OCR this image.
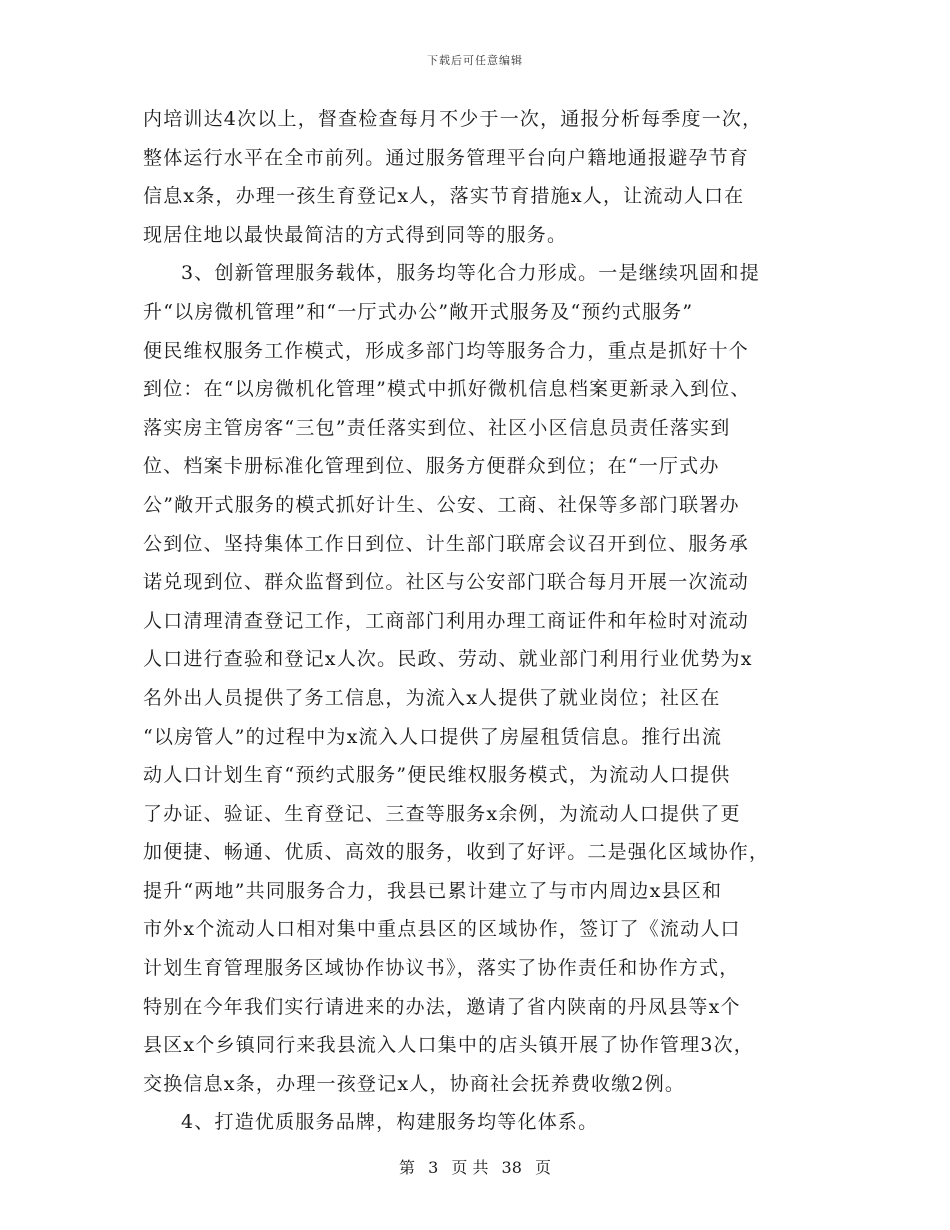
下载后可任意编辑
内培训达4次以上，督查检查每月不少于一次，通报分析每季度一次，
整体运行水平在全市前列。通过服务管理平台向户籍地通报避孕节育
信息x条，办理一孩生育登记x人，落实节育措施x人，让流动人口在
现居住地以最快最简洁的方式得到同等的服务。
3、创新管理服务载体，服务均等化合力形成。一是继续巩固和提
升“以房微机管理”和“一厅式办公”敞开式服务及“预约式服务”
便民维权服务工作模式，形成多部门均等服务合力，重点是抓好十个
到位：在“以房微机化管理”模式中抓好微机信息档案更新录入到位、
落实房主管房客“三包”责任落实到位、社区小区信息员责任落实到
位、档案卡册标准化管理到位、服务方便群众到位；在“一厅式办
公”敞开式服务的模式抓好计生、公安、工商、社保等多部门联署办
公到位、坚持集体工作日到位、计生部门联席会议召开到位、服务承
诺兑现到位、群众监督到位。社区与公安部门联合每月开展一次流动
人口清理清查登记工作，工商部门利用办理工商证件和年检时对流动
人口进行查验和登记x人次。民政、劳动、就业部门利用行业优势为x
名外出人员提供了务工信息，为流入x人提供了就业岗位；社区在
“以房管人”的过程中为x流入人口提供了房屋租赁信息。推行出流
动人口计划生育“预约式服务”便民维权服务模式，为流动人口提供
了办证、验证、生育登记、三查等服务x余例，为流动人口提供了更
加便捷、畅通、优质、高效的服务，收到了好评。二是强化区域协作，
提升“两地”共同服务合力，我县已累计建立了与市内周边x县区和
市外x个流动人口相对集中重点县区的区域协作，签订了《流动人口
计划生育管理服务区域协作协议书》，落实了协作责任和协作方式，
特别在今年我们实行请进来的办法，邀请了省内陕南的丹凤县等x个
县区x个乡镇同行来我县流入人口集中的店头镇开展了协作管理3次，
交换信息x条，办理一孩登记x人，协商社会抚养费收缴2例。
4、打造优质服务品牌，构建服务均等化体系。
第 3 页 共 38 页
